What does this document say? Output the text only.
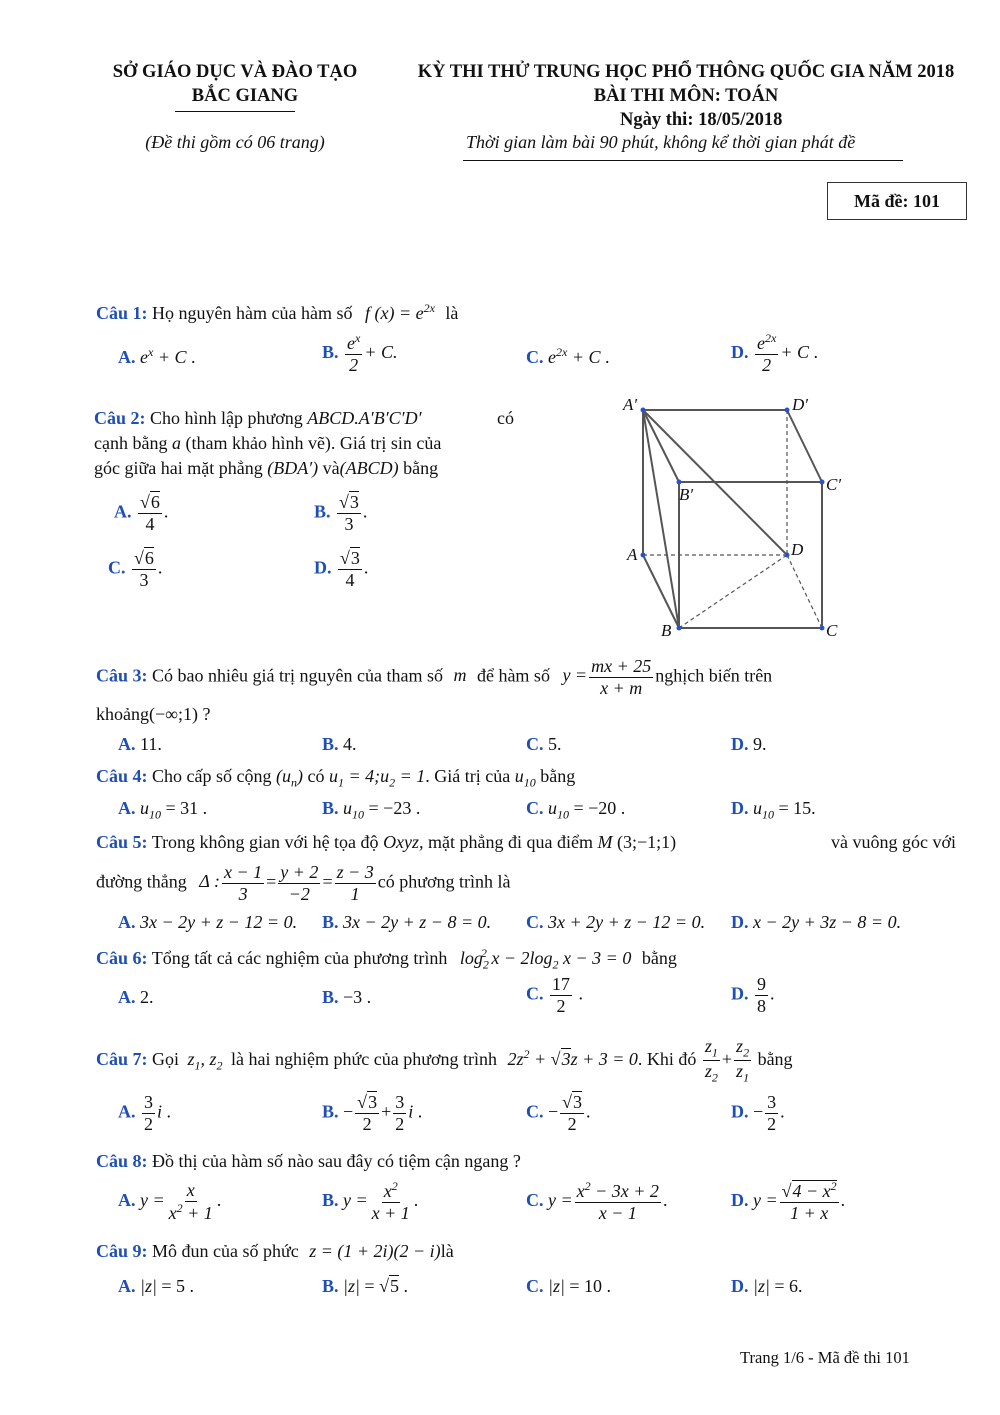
SỞ GIÁO DỤC VÀ ĐÀO TẠO
BẮC GIANG
(Đề thi gồm có 06 trang)
KỲ THI THỬ TRUNG HỌC PHỔ THÔNG QUỐC GIA NĂM 2018
BÀI THI MÔN: TOÁN
Ngày thi: 18/05/2018
Thời gian làm bài 90 phút, không kể thời gian phát đề
Mã đề: 101
Câu 1: Họ nguyên hàm của hàm số f $(x) = e^{2x}$ là
A. $e^x + C$ .	B. $\frac{e^x}{2} + C$.	C. $e^{2x} + C$ .	D. $\frac{e^{2x}}{2} + C$ .
Câu 2: Cho hình lập phương ABCD.A′B′C′D′	có
cạnh bằng a (tham khảo hình vẽ). Giá trị sin của
góc giữa hai mặt phẳng (BDA′) và(ABCD) bằng
A. $\frac{√6}{4}$ .	B. $\frac{√3}{3}$ .
C. $\frac{√6}{3}$ .	D. $\frac{√3}{4}$ .
A′	D′
B′
C′
A	D
B	C
Câu 3: Có bao nhiêu giá trị nguyên của tham số m để hàm số $y = \frac{mx + 25}{x + m}$ nghịch biến trên
khoảng(−∞;1) ?
A. 11.	B. 4.	C. 5.	D. 9.
Câu 4: Cho cấp số cộng $(u_n)$ có $u_1$ = $4;u_2 = 1$. Giá trị của $u_{10}$ bằng
A. $u_{10} = 31$ .	B. $u_{10} = -23$ .	C. $u_{10} = -20$ .	D. $u_{10} = 15$.
Câu 5: Trong không gian với hệ tọa độ Oxyz, mặt phẳng đi qua điểm M (3;−1;1)	và vuông góc với
đường thẳng Δ : $\frac{x - 1}{3} = \frac{y + 2}{-2} = \frac{z - 3}{1}$ có phương trình là
A. 3x − 2y + z − 12 = 0. B. 3x − 2y + z − 8 = 0. C. 3x + 2y + z − 12 = 0. D. x − 2y + 3z − 8 = 0.
Câu 6: Tổng tất cả các nghiệm của phương trình $\log_2^2 x - 2\log_2$ x − 3 = 0 bằng
A. 2.	B. −3 .	C. $\frac{17}{2}$ .	D. $\frac{9}{8}$ .
Câu 7: Gọi $z_1$, $z_2$ là hai nghiệm phức của phương trình $2z^2 + √3z + 3 = 0$. Khi đó $\frac{z_1}{z_2} + \frac{z_2}{z_1}$ bằng
A. $\frac{3}{2}$ i .	B. − $\frac{√3}{2} + \frac{3}{2}$ i .	C. − $\frac{√3}{2}$ .	D. − $\frac{3}{2}$ .
Câu 8: Đồ thị của hàm số nào sau đây có tiệm cận ngang ?
A. $y = \frac{x}{x^2 + 1}$ .	B. $y = \frac{x^2}{x + 1}$ .	C. $y = \frac{x^2 - 3x + 2}{x - 1}$ .	D. $y = \frac{√4 - x^2}{1 + x}$ .
Câu 9: Mô đun của số phức z = (1 + 2i)(2 − i)là
A. |z| = 5 .	B. |z| = √5 .	C. |z| = 10 .	D. |z| = 6.
Trang 1/6 - Mã đề thi 101
